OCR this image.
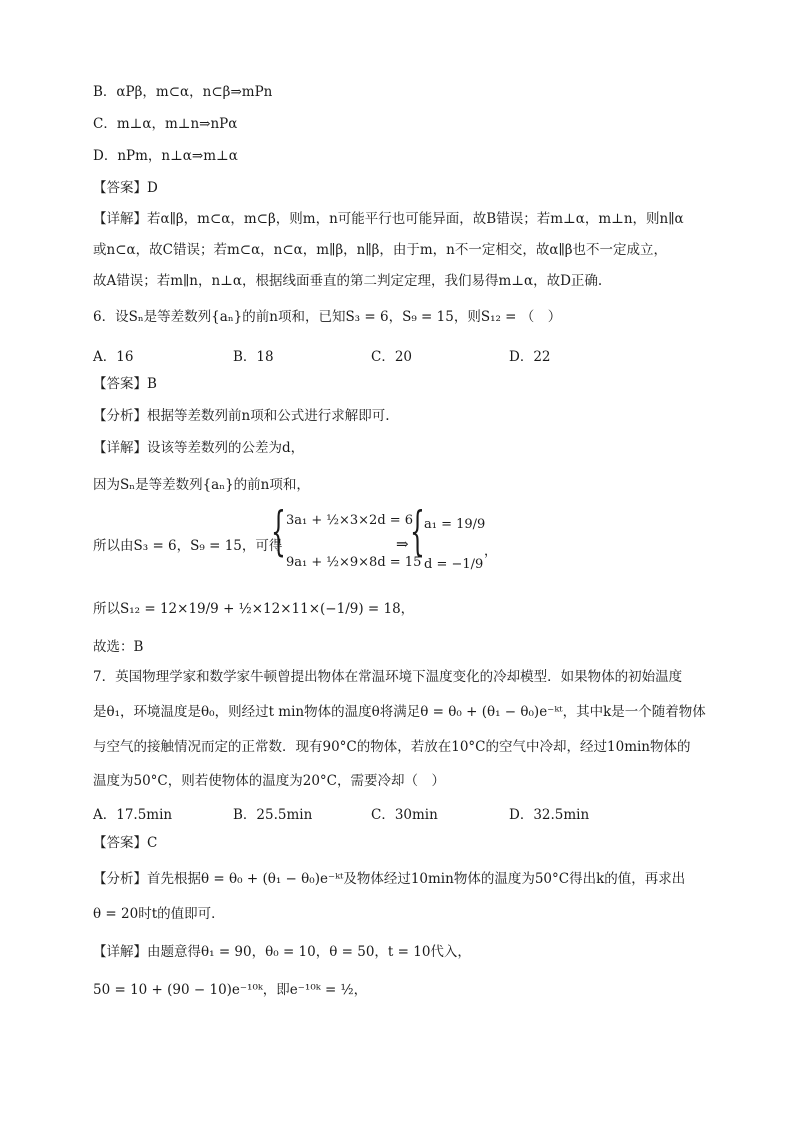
B．αPβ，m⊂α，n⊂β⇒mPn
C．m⊥α，m⊥n⇒nPα
D．nPm，n⊥α⇒m⊥α
【答案】D
【详解】若α∥β，m⊂α，m⊂β，则m，n可能平行也可能异面，故B错误；若m⊥α，m⊥n，则n∥α
或n⊂α，故C错误；若m⊂α，n⊂α，m∥β，n∥β，由于m，n不一定相交，故α∥β也不一定成立，
故A错误；若m∥n，n⊥α，根据线面垂直的第二判定定理，我们易得m⊥α，故D正确.
6．设Sₙ是等差数列{aₙ}的前n项和，已知S₃ = 6，S₉ = 15，则S₁₂ = （　）
A．16	B．18	C．20	D．22
【答案】B
【分析】根据等差数列前n项和公式进行求解即可.
【详解】设该等差数列的公差为d，
因为Sₙ是等差数列{aₙ}的前n项和，
所以由S₃ = 6，S₉ = 15，可得
{ 3a₁ + ½×3×2d = 6
9a₁ + ½×9×8d = 15
⇒ { a₁ = 19/9
d = −1/9
，
所以S₁₂ = 12×19/9 + ½×12×11×(−1/9) = 18，
故选：B
7．英国物理学家和数学家牛顿曾提出物体在常温环境下温度变化的冷却模型．如果物体的初始温度
是θ₁，环境温度是θ₀，则经过t min物体的温度θ将满足θ = θ₀ + (θ₁ − θ₀)e⁻ᵏᵗ，其中k是一个随着物体
与空气的接触情况而定的正常数．现有90°C的物体，若放在10°C的空气中冷却，经过10min物体的
温度为50°C，则若使物体的温度为20°C，需要冷却（　）
A．17.5min	B．25.5min	C．30min	D．32.5min
【答案】C
【分析】首先根据θ = θ₀ + (θ₁ − θ₀)e⁻ᵏᵗ及物体经过10min物体的温度为50°C得出k的值，再求出
θ = 20时t的值即可．
【详解】由题意得θ₁ = 90，θ₀ = 10，θ = 50，t = 10代入，
50 = 10 + (90 − 10)e⁻¹⁰ᵏ，即e⁻¹⁰ᵏ = ½，
